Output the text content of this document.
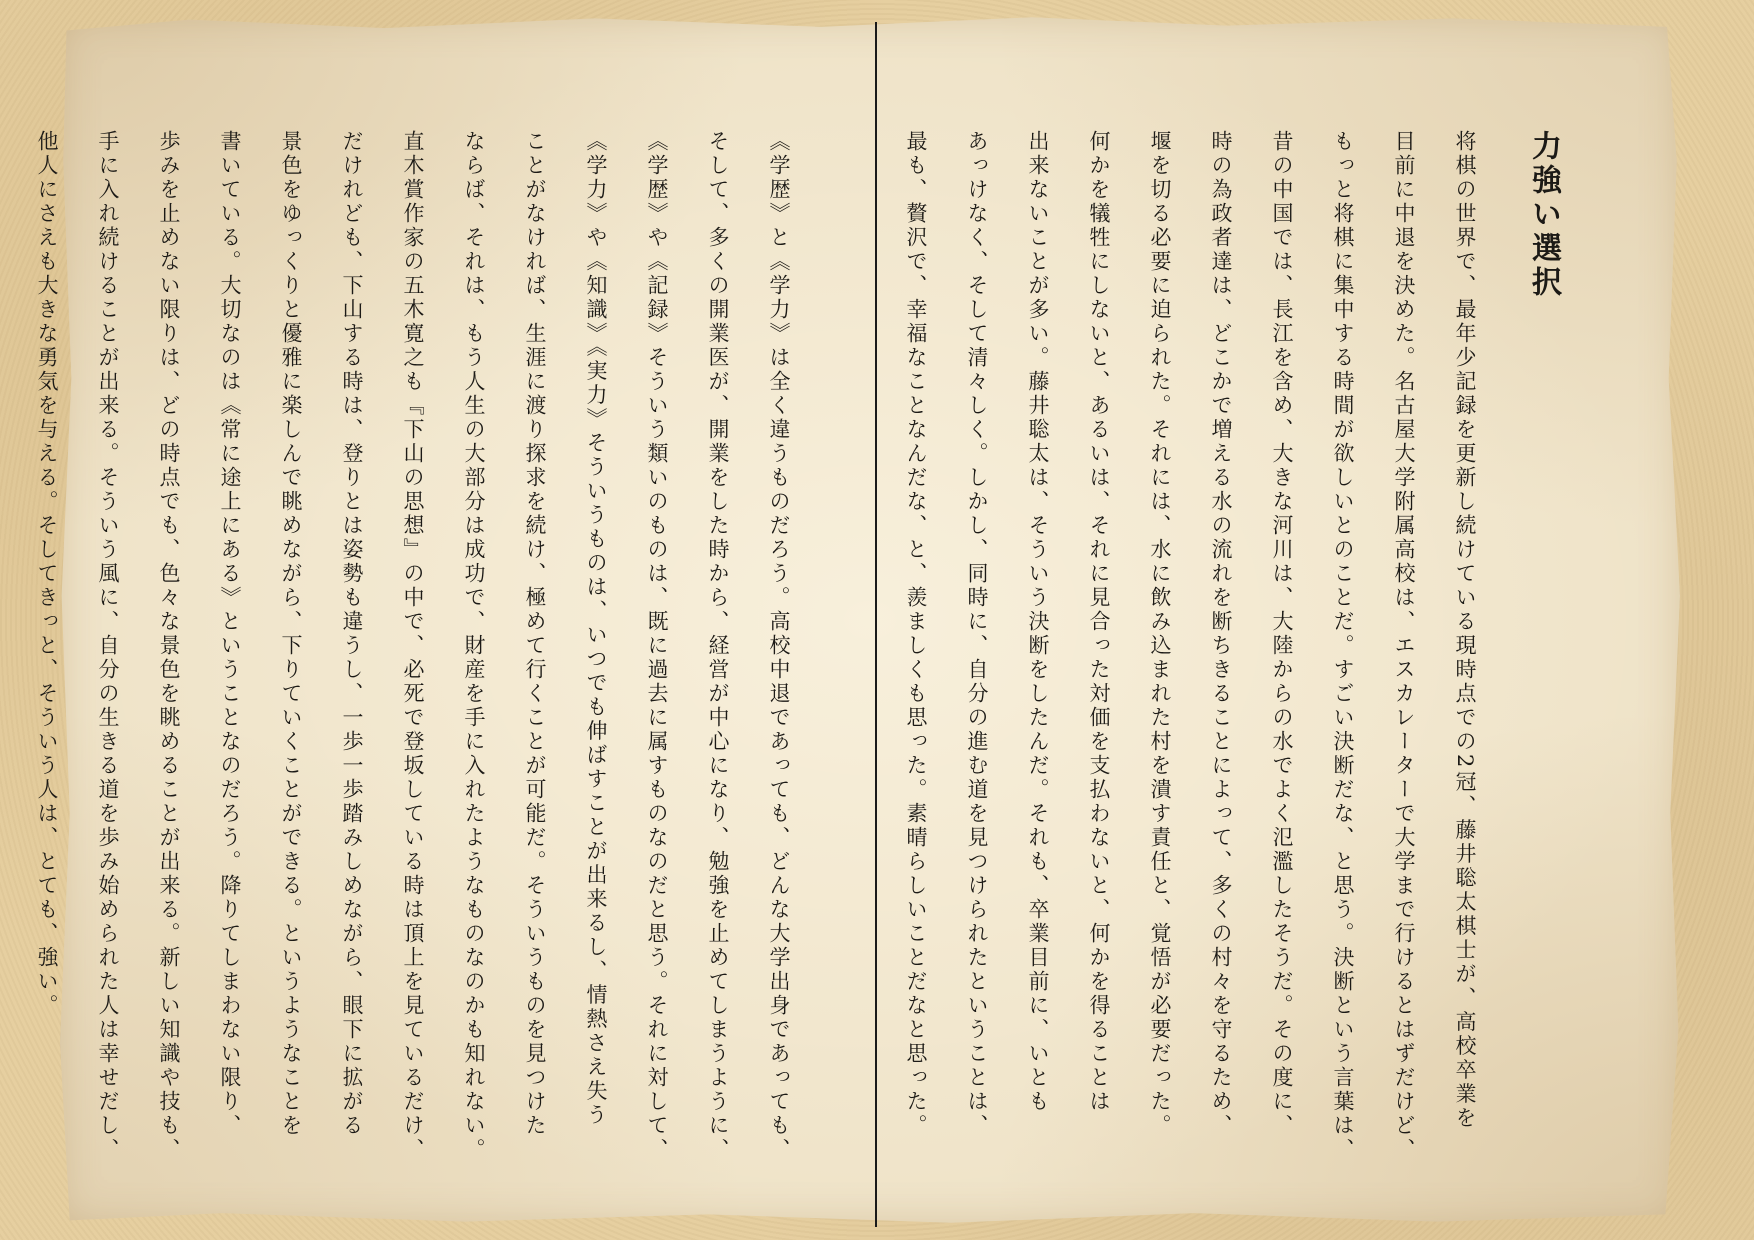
力強い選択
将棋の世界で、最年少記録を更新し続けている現時点での2冠、藤井聡太棋士が、高校卒業を
目前に中退を決めた。名古屋大学附属高校は、エスカレーターで大学まで行けるとはずだけど、
もっと将棋に集中する時間が欲しいとのことだ。すごい決断だな、と思う。決断という言葉は、
昔の中国では、長江を含め、大きな河川は、大陸からの水でよく氾濫したそうだ。その度に、
時の為政者達は、どこかで増える水の流れを断ちきることによって、多くの村々を守るため、
堰を切る必要に迫られた。それには、水に飲み込まれた村を潰す責任と、覚悟が必要だった。
何かを犠牲にしないと、あるいは、それに見合った対価を支払わないと、何かを得ることは
出来ないことが多い。藤井聡太は、そういう決断をしたんだ。それも、卒業目前に、いとも
あっけなく、そして清々しく。しかし、同時に、自分の進む道を見つけられたということは、
最も、贅沢で、幸福なことなんだな、と、羨ましくも思った。素晴らしいことだなと思った。
《学歴》と《学力》は全く違うものだろう。高校中退であっても、どんな大学出身であっても、
そして、多くの開業医が、開業をした時から、経営が中心になり、勉強を止めてしまうように、
《学歴》や《記録》そういう類いのものは、既に過去に属すものなのだと思う。それに対して、
《学力》や《知識》《実力》そういうものは、いつでも伸ばすことが出来るし、情熱さえ失う
ことがなければ、生涯に渡り探求を続け、極めて行くことが可能だ。そういうものを見つけた
ならば、それは、もう人生の大部分は成功で、財産を手に入れたようなものなのかも知れない。
直木賞作家の五木寛之も『下山の思想』の中で、必死で登坂している時は頂上を見ているだけ、
だけれども、下山する時は、登りとは姿勢も違うし、一歩一歩踏みしめながら、眼下に拡がる
景色をゆっくりと優雅に楽しんで眺めながら、下りていくことができる。というようなことを
書いている。大切なのは《常に途上にある》ということなのだろう。降りてしまわない限り、
歩みを止めない限りは、どの時点でも、色々な景色を眺めることが出来る。新しい知識や技も、
手に入れ続けることが出来る。そういう風に、自分の生きる道を歩み始められた人は幸せだし、
他人にさえも大きな勇気を与える。そしてきっと、そういう人は、とても、強い。
